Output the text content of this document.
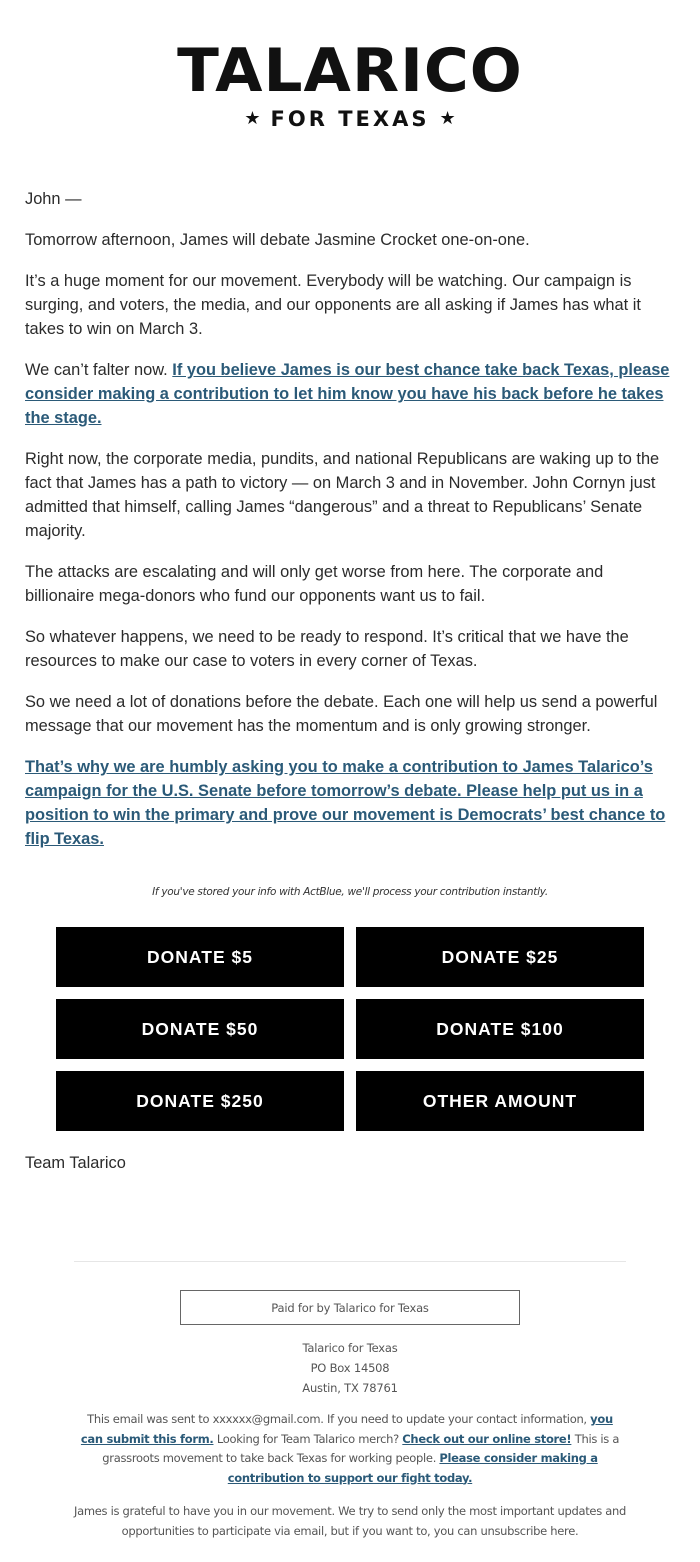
TALARICO
★ FOR TEXAS ★

John —

Tomorrow afternoon, James will debate Jasmine Crocket one-on-one.

It’s a huge moment for our movement. Everybody will be watching. Our campaign is surging, and voters, the media, and our opponents are all asking if James has what it takes to win on March 3.

We can’t falter now. If you believe James is our best chance take back Texas, please consider making a contribution to let him know you have his back before he takes the stage.

Right now, the corporate media, pundits, and national Republicans are waking up to the fact that James has a path to victory — on March 3 and in November. John Cornyn just admitted that himself, calling James “dangerous” and a threat to Republicans’ Senate majority.

The attacks are escalating and will only get worse from here. The corporate and billionaire mega-donors who fund our opponents want us to fail.

So whatever happens, we need to be ready to respond. It’s critical that we have the resources to make our case to voters in every corner of Texas.

So we need a lot of donations before the debate. Each one will help us send a powerful message that our movement has the momentum and is only growing stronger.

That’s why we are humbly asking you to make a contribution to James Talarico’s campaign for the U.S. Senate before tomorrow’s debate. Please help put us in a position to win the primary and prove our movement is Democrats’ best chance to flip Texas.

If you've stored your info with ActBlue, we'll process your contribution instantly.
DONATE $5	DONATE $25
DONATE $50	DONATE $100
DONATE $250	OTHER AMOUNT
Team Talarico
Paid for by Talarico for Texas
Talarico for Texas
PO Box 14508
Austin, TX 78761
This email was sent to xxxxxx@gmail.com. If you need to update your contact information, you can submit this form. Looking for Team Talarico merch? Check out our online store! This is a grassroots movement to take back Texas for working people. Please consider making a contribution to support our fight today.
James is grateful to have you in our movement. We try to send only the most important updates and opportunities to participate via email, but if you want to, you can unsubscribe here.
